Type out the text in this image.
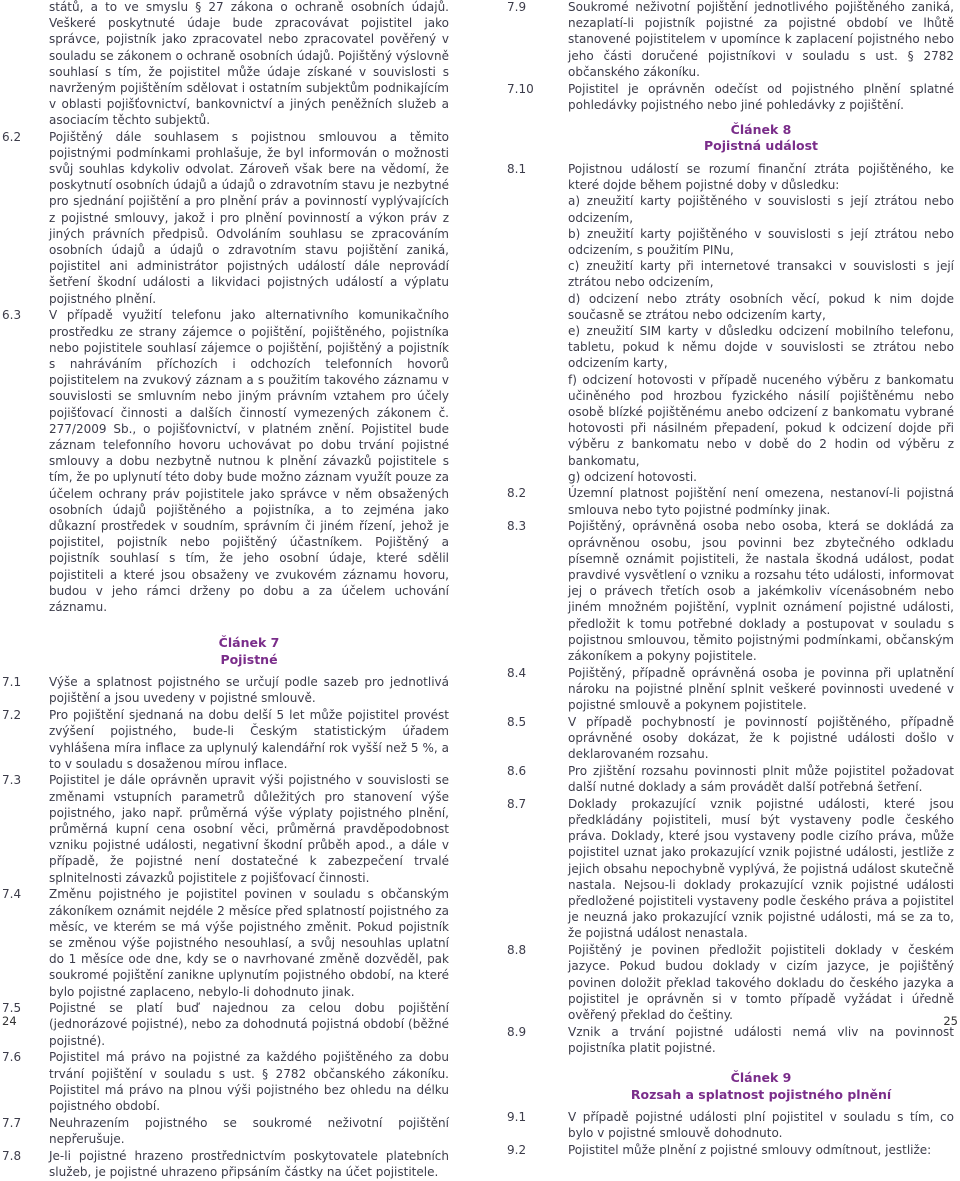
států, a to ve smyslu § 27 zákona o ochraně osobních údajů. Veškeré poskytnuté údaje bude zpracovávat pojistitel jako správce, pojistník jako zpracovatel nebo zpracovatel pověřený v souladu se zákonem o ochraně osobních údajů. Pojištěný výslovně souhlasí s tím, že pojistitel může údaje získané v souvislosti s navrženým pojištěním sdělovat i ostatním subjektům podnikajícím v oblasti pojišťovnictví, bankovnictví a jiných peněžních služeb a asociacím těchto subjektů.

6.2	Pojištěný dále souhlasem s pojistnou smlouvou a těmito pojistnými podmínkami prohlašuje, že byl informován o možnosti svůj souhlas kdykoliv odvolat. Zároveň však bere na vědomí, že poskytnutí osobních údajů a údajů o zdravotním stavu je nezbytné pro sjednání pojištění a pro plnění práv a povinností vyplývajících z pojistné smlouvy, jakož i pro plnění povinností a výkon práv z jiných právních předpisů. Odvoláním souhlasu se zpracováním osobních údajů a údajů o zdravotním stavu pojištění zaniká, pojistitel ani administrátor pojistných událostí dále neprovádí šetření škodní události a likvidaci pojistných událostí a výplatu pojistného plnění.
6.3	V případě využití telefonu jako alternativního komunikačního prostředku ze strany zájemce o pojištění, pojištěného, pojistníka nebo pojistitele souhlasí zájemce o pojištění, pojištěný a pojistník s nahráváním příchozích i odchozích telefonních hovorů pojistitelem na zvukový záznam a s použitím takového záznamu v souvislosti se smluvním nebo jiným právním vztahem pro účely pojišťovací činnosti a dalších činností vymezených zákonem č. 277/2009 Sb., o pojišťovnictví, v platném znění. Pojistitel bude záznam telefonního hovoru uchovávat po dobu trvání pojistné smlouvy a dobu nezbytně nutnou k plnění závazků pojistitele s tím, že po uplynutí této doby bude možno záznam využít pouze za účelem ochrany práv pojistitele jako správce v něm obsažených osobních údajů pojištěného a pojistníka, a to zejména jako důkazní prostředek v soudním, správním či jiném řízení, jehož je pojistitel, pojistník nebo pojištěný účastníkem. Pojištěný a pojistník souhlasí s tím, že jeho osobní údaje, které sdělil pojistiteli a které jsou obsaženy ve zvukovém záznamu hovoru, budou v jeho rámci drženy po dobu a za účelem uchování záznamu.
Článek 7
Pojistné
7.1	Výše a splatnost pojistného se určují podle sazeb pro jednotlivá pojištění a jsou uvedeny v pojistné smlouvě.
7.2	Pro pojištění sjednaná na dobu delší 5 let může pojistitel provést zvýšení pojistného, bude-li Českým statistickým úřadem vyhlášena míra inflace za uplynulý kalendářní rok vyšší než 5 %, a to v souladu s dosaženou mírou inflace.
7.3	Pojistitel je dále oprávněn upravit výši pojistného v souvislosti se změnami vstupních parametrů důležitých pro stanovení výše pojistného, jako např. průměrná výše výplaty pojistného plnění, průměrná kupní cena osobní věci, průměrná pravděpodobnost vzniku pojistné události, negativní škodní průběh apod., a dále v případě, že pojistné není dostatečné k zabezpečení trvalé splnitelnosti závazků pojistitele z pojišťovací činnosti.
7.4	Změnu pojistného je pojistitel povinen v souladu s občanským zákoníkem oznámit nejdéle 2 měsíce před splatností pojistného za měsíc, ve kterém se má výše pojistného změnit. Pokud pojistník se změnou výše pojistného nesouhlasí, a svůj nesouhlas uplatní do 1 měsíce ode dne, kdy se o navrhované změně dozvěděl, pak soukromé pojištění zanikne uplynutím pojistného období, na které bylo pojistné zaplaceno, nebylo-li dohodnuto jinak.
7.5	Pojistné se platí buď najednou za celou dobu pojištění (jednorázové pojistné), nebo za dohodnutá pojistná období (běžné pojistné).
7.6	Pojistitel má právo na pojistné za každého pojištěného za dobu trvání pojištění v souladu s ust. § 2782 občanského zákoníku. Pojistitel má právo na plnou výši pojistného bez ohledu na délku pojistného období.
7.7	Neuhrazením pojistného se soukromé neživotní pojištění nepřerušuje.
7.8	Je-li pojistné hrazeno prostřednictvím poskytovatele platebních služeb, je pojistné uhrazeno připsáním částky na účet pojistitele.
7.9	Soukromé neživotní pojištění jednotlivého pojištěného zaniká, nezaplatí-li pojistník pojistné za pojistné období ve lhůtě stanovené pojistitelem v upomínce k zaplacení pojistného nebo jeho části doručené pojistníkovi v souladu s ust. § 2782 občanského zákoníku.
7.10	Pojistitel je oprávněn odečíst od pojistného plnění splatné pohledávky pojistného nebo jiné pohledávky z pojištění.
Článek 8
Pojistná událost
8.1	Pojistnou událostí se rozumí finanční ztráta pojištěného, ke které dojde během pojistné doby v důsledku:
a) zneužití karty pojištěného v souvislosti s její ztrátou nebo odcizením,
b) zneužití karty pojištěného v souvislosti s její ztrátou nebo odcizením, s použitím PINu,
c) zneužití karty při internetové transakci v souvislosti s její ztrátou nebo odcizením,
d) odcizení nebo ztráty osobních věcí, pokud k nim dojde současně se ztrátou nebo odcizením karty,
e) zneužití SIM karty v důsledku odcizení mobilního telefonu, tabletu, pokud k němu dojde v souvislosti se ztrátou nebo odcizením karty,
f) odcizení hotovosti v případě nuceného výběru z bankomatu učiněného pod hrozbou fyzického násilí pojištěnému nebo osobě blízké pojištěnému anebo odcizení z bankomatu vybrané hotovosti při násilném přepadení, pokud k odcizení dojde při výběru z bankomatu nebo v době do 2 hodin od výběru z bankomatu,
g) odcizení hotovosti.
8.2	Územní platnost pojištění není omezena, nestanoví-li pojistná smlouva nebo tyto pojistné podmínky jinak.
8.3	Pojištěný, oprávněná osoba nebo osoba, která se dokládá za oprávněnou osobu, jsou povinni bez zbytečného odkladu písemně oznámit pojistiteli, že nastala škodná událost, podat pravdivé vysvětlení o vzniku a rozsahu této události, informovat jej o právech třetích osob a jakémkoliv vícenásobném nebo jiném množném pojištění, vyplnit oznámení pojistné události, předložit k tomu potřebné doklady a postupovat v souladu s pojistnou smlouvou, těmito pojistnými podmínkami, občanským zákoníkem a pokyny pojistitele.
8.4	Pojištěný, případně oprávněná osoba je povinna při uplatnění nároku na pojistné plnění splnit veškeré povinnosti uvedené v pojistné smlouvě a pokynem pojistitele.
8.5	V případě pochybností je povinností pojištěného, případně oprávněné osoby dokázat, že k pojistné události došlo v deklarovaném rozsahu.
8.6	Pro zjištění rozsahu povinnosti plnit může pojistitel požadovat další nutné doklady a sám provádět další potřebná šetření.
8.7	Doklady prokazující vznik pojistné události, které jsou předkládány pojistiteli, musí být vystaveny podle českého práva. Doklady, které jsou vystaveny podle cizího práva, může pojistitel uznat jako prokazující vznik pojistné události, jestliže z jejich obsahu nepochybně vyplývá, že pojistná událost skutečně nastala. Nejsou-li doklady prokazující vznik pojistné události předložené pojistiteli vystaveny podle českého práva a pojistitel je neuzná jako prokazující vznik pojistné události, má se za to, že pojistná událost nenastala.
8.8	Pojištěný je povinen předložit pojistiteli doklady v českém jazyce. Pokud budou doklady v cizím jazyce, je pojištěný povinen doložit překlad takového dokladu do českého jazyka a pojistitel je oprávněn si v tomto případě vyžádat i úředně ověřený překlad do češtiny.
8.9	Vznik a trvání pojistné události nemá vliv na povinnost pojistníka platit pojistné.
Článek 9
Rozsah a splatnost pojistného plnění
9.1	V případě pojistné události plní pojistitel v souladu s tím, co bylo v pojistné smlouvě dohodnuto.
9.2	Pojistitel může plnění z pojistné smlouvy odmítnout, jestliže:
24	25
